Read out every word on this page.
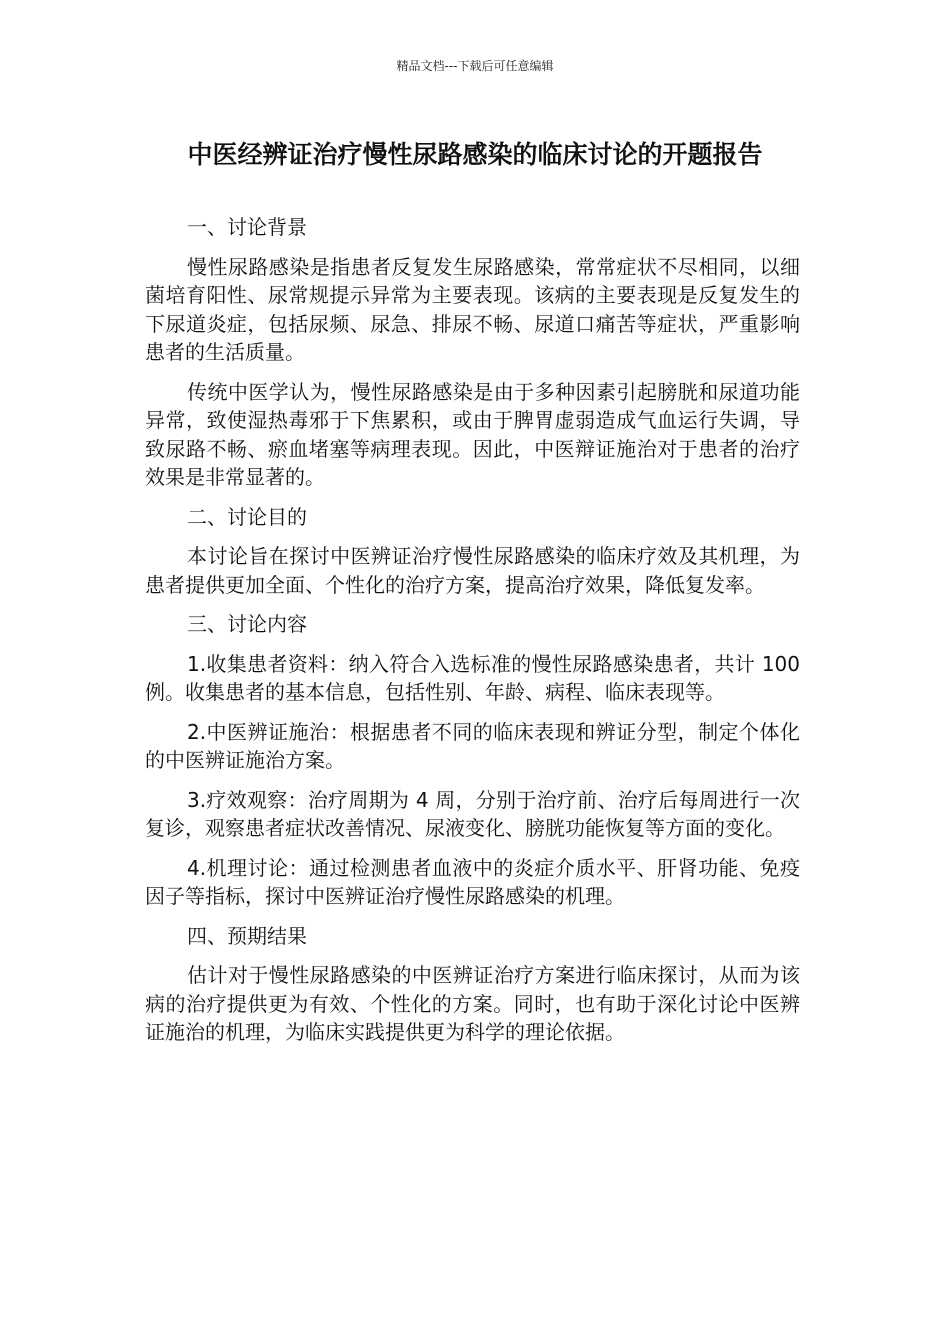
精品文档---下载后可任意编辑
中医经辨证治疗慢性尿路感染的临床讨论的开题报告

一、讨论背景

慢性尿路感染是指患者反复发生尿路感染，常常症状不尽相同，以细菌培育阳性、尿常规提示异常为主要表现。该病的主要表现是反复发生的下尿道炎症，包括尿频、尿急、排尿不畅、尿道口痛苦等症状，严重影响患者的生活质量。

传统中医学认为，慢性尿路感染是由于多种因素引起膀胱和尿道功能异常，致使湿热毒邪于下焦累积，或由于脾胃虚弱造成气血运行失调，导致尿路不畅、瘀血堵塞等病理表现。因此，中医辩证施治对于患者的治疗效果是非常显著的。

二、讨论目的

本讨论旨在探讨中医辨证治疗慢性尿路感染的临床疗效及其机理，为患者提供更加全面、个性化的治疗方案，提高治疗效果，降低复发率。

三、讨论内容

1.收集患者资料：纳入符合入选标准的慢性尿路感染患者，共计 100 例。收集患者的基本信息，包括性别、年龄、病程、临床表现等。

2.中医辨证施治：根据患者不同的临床表现和辨证分型，制定个体化的中医辨证施治方案。

3.疗效观察：治疗周期为 4 周，分别于治疗前、治疗后每周进行一次复诊，观察患者症状改善情况、尿液变化、膀胱功能恢复等方面的变化。

4.机理讨论：通过检测患者血液中的炎症介质水平、肝肾功能、免疫因子等指标，探讨中医辨证治疗慢性尿路感染的机理。

四、预期结果

估计对于慢性尿路感染的中医辨证治疗方案进行临床探讨，从而为该病的治疗提供更为有效、个性化的方案。同时，也有助于深化讨论中医辨证施治的机理，为临床实践提供更为科学的理论依据。
